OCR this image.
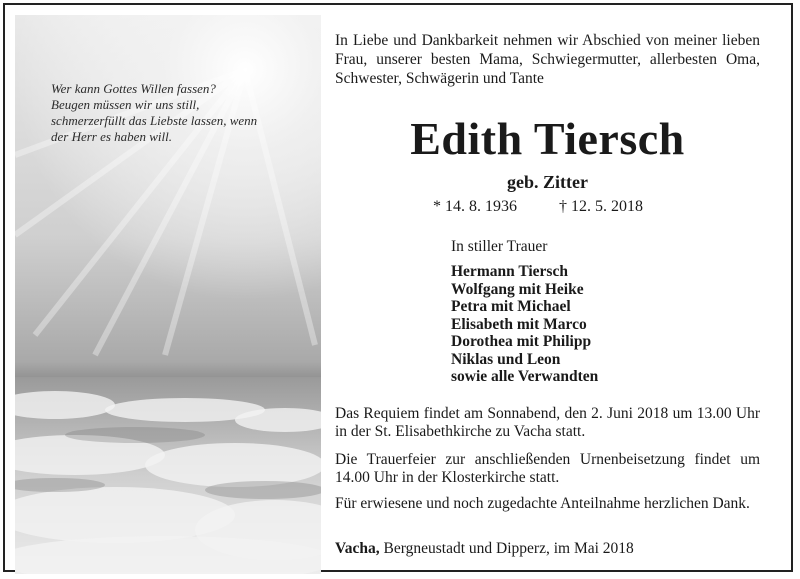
Wer kann Gottes Willen fassen?
Beugen müssen wir uns still,
schmerzerfüllt das Liebste lassen, wenn
der Herr es haben will.

In Liebe und Dankbarkeit nehmen wir Abschied von meiner lieben Frau, unserer besten Mama, Schwiegermutter, allerbesten Oma, Schwester, Schwägerin und Tante

Edith Tiersch
geb. Zitter
* 14. 8. 1936	† 12. 5. 2018
In stiller Trauer
Hermann Tiersch
Wolfgang mit Heike
Petra mit Michael
Elisabeth mit Marco
Dorothea mit Philipp
Niklas und Leon
sowie alle Verwandten

Das Requiem findet am Sonnabend, den 2. Juni 2018 um 13.00 Uhr in der St. Elisabethkirche zu Vacha statt.

Die Trauerfeier zur anschließenden Urnenbeisetzung findet um 14.00 Uhr in der Klosterkirche statt.

Für erwiesene und noch zugedachte Anteilnahme herzlichen Dank.

Vacha, Bergneustadt und Dipperz, im Mai 2018
